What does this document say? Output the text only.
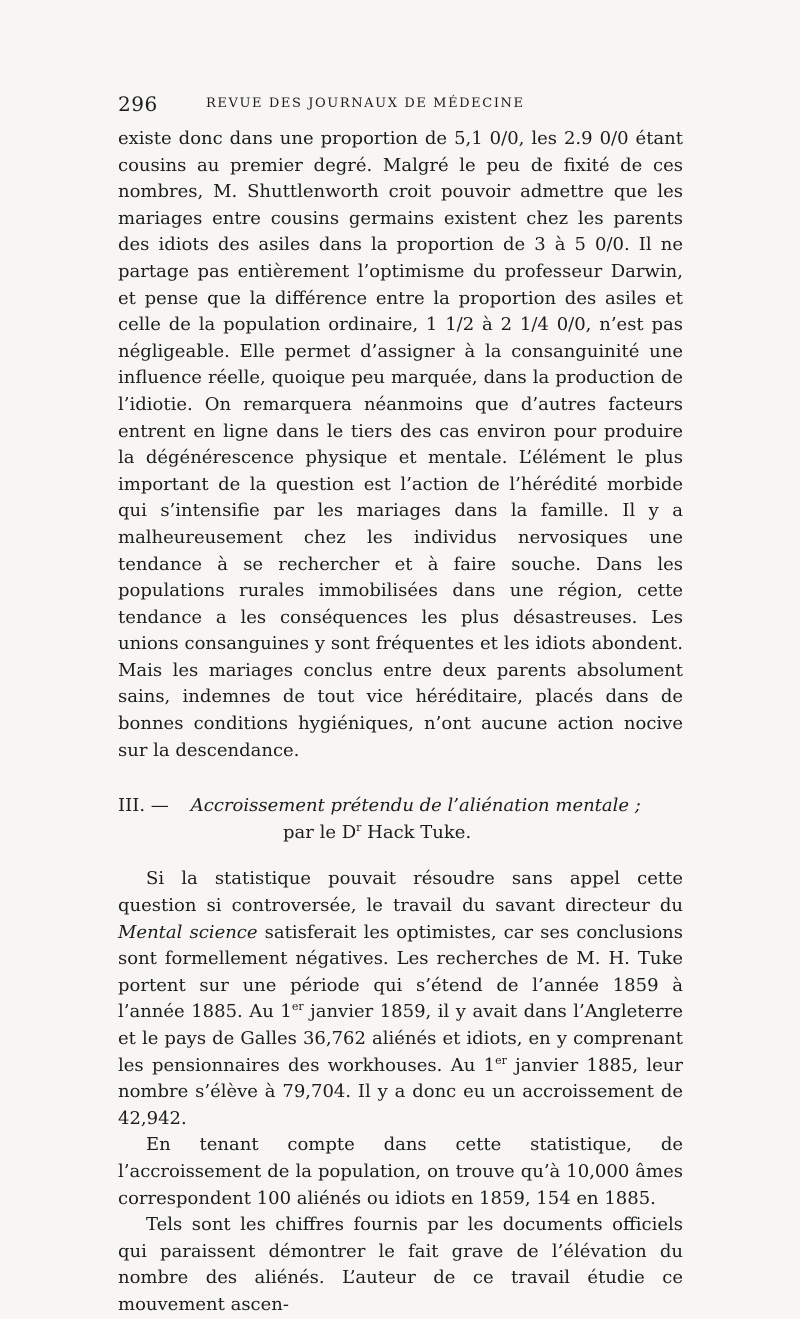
296	REVUE DES JOURNAUX DE MÉDECINE

existe donc dans une proportion de 5,1 0/0, les 2.9 0/0 étant cousins au premier degré. Malgré le peu de fixité de ces nombres, M. Shuttlenworth croit pouvoir admettre que les mariages entre cousins germains existent chez les parents des idiots des asiles dans la proportion de 3 à 5 0/0. Il ne partage pas entièrement l’optimisme du professeur Darwin, et pense que la différence entre la proportion des asiles et celle de la population ordinaire, 1 1/2 à 2 1/4 0/0, n’est pas négligeable. Elle permet d’assigner à la consanguinité une influence réelle, quoique peu marquée, dans la production de l’idiotie. On remarquera néanmoins que d’autres facteurs entrent en ligne dans le tiers des cas environ pour produire la dégénérescence physique et mentale. L’élément le plus important de la question est l’action de l’hérédité morbide qui s’intensifie par les mariages dans la famille. Il y a malheureusement chez les individus nervosiques une tendance à se rechercher et à faire souche. Dans les populations rurales immobilisées dans une région, cette tendance a les conséquences les plus désastreuses. Les unions consanguines y sont fréquentes et les idiots abondent. Mais les mariages conclus entre deux parents absolument sains, indemnes de tout vice héréditaire, placés dans de bonnes conditions hygiéniques, n’ont aucune action nocive sur la descendance.

III. — Accroissement prétendu de l’aliénation mentale ;

par le $D^r$ Hack Tuke.

Si la statistique pouvait résoudre sans appel cette question si controversée, le travail du savant directeur du Mental science satisferait les optimistes, car ses conclusions sont formellement négatives. Les recherches de M. H. Tuke portent sur une période qui s’étend de l’année 1859 à l’année 1885. Au 1er janvier 1859, il y avait dans l’Angleterre et le pays de Galles 36,762 aliénés et idiots, en y comprenant les pensionnaires des workhouses. Au 1er janvier 1885, leur nombre s’élève à 79,704. Il y a donc eu un accroissement de 42,942.

En tenant compte dans cette statistique, de l’accroissement de la population, on trouve qu’à 10,000 âmes correspondent 100 aliénés ou idiots en 1859, 154 en 1885.

Tels sont les chiffres fournis par les documents officiels qui paraissent démontrer le fait grave de l’élévation du nombre des aliénés. L’auteur de ce travail étudie ce mouvement ascen-
